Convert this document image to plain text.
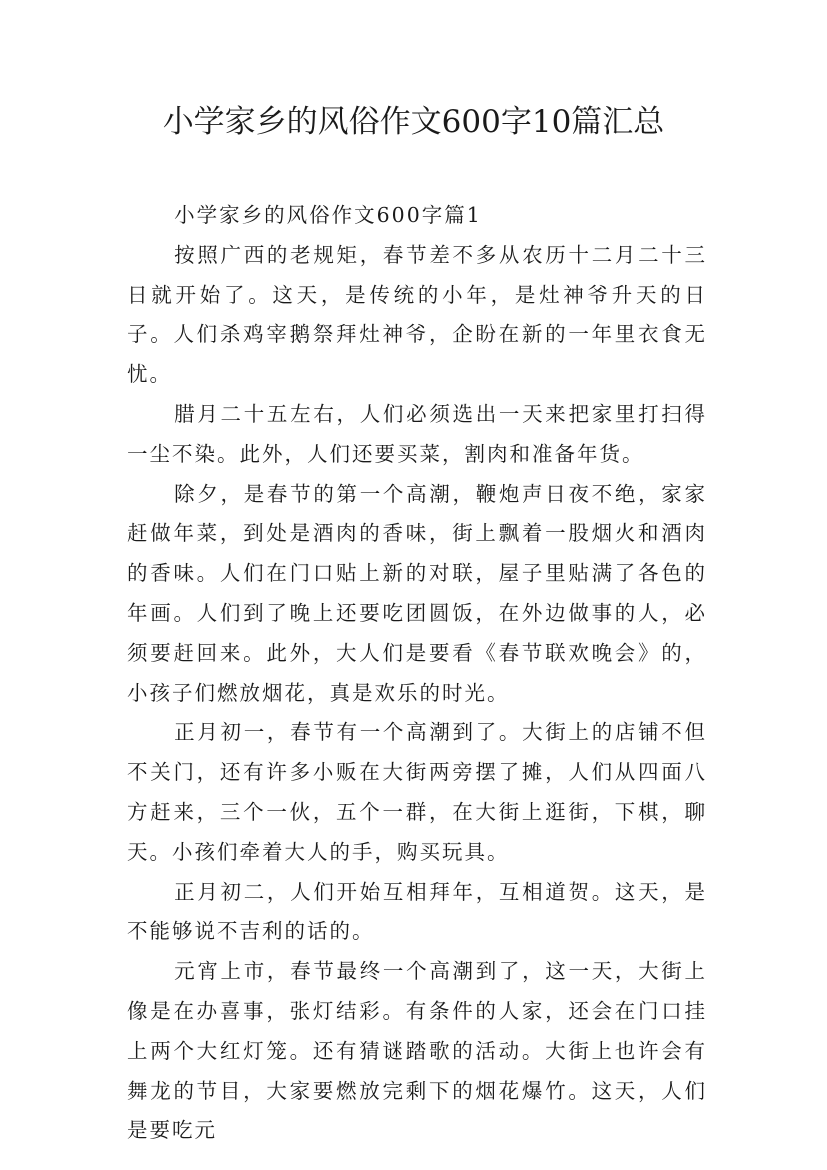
小学家乡的风俗作文600字10篇汇总

小学家乡的风俗作文600字篇1

按照广西的老规矩，春节差不多从农历十二月二十三日就开始了。这天，是传统的小年，是灶神爷升天的日子。人们杀鸡宰鹅祭拜灶神爷，企盼在新的一年里衣食无忧。

腊月二十五左右，人们必须选出一天来把家里打扫得一尘不染。此外，人们还要买菜，割肉和准备年货。

除夕，是春节的第一个高潮，鞭炮声日夜不绝，家家赶做年菜，到处是酒肉的香味，街上飘着一股烟火和酒肉的香味。人们在门口贴上新的对联，屋子里贴满了各色的年画。人们到了晚上还要吃团圆饭，在外边做事的人，必须要赶回来。此外，大人们是要看《春节联欢晚会》的，小孩子们燃放烟花，真是欢乐的时光。

正月初一，春节有一个高潮到了。大街上的店铺不但不关门，还有许多小贩在大街两旁摆了摊，人们从四面八方赶来，三个一伙，五个一群，在大街上逛街，下棋，聊天。小孩们牵着大人的手，购买玩具。

正月初二，人们开始互相拜年，互相道贺。这天，是不能够说不吉利的话的。

元宵上市，春节最终一个高潮到了，这一天，大街上像是在办喜事，张灯结彩。有条件的人家，还会在门口挂上两个大红灯笼。还有猜谜踏歌的活动。大街上也许会有舞龙的节目，大家要燃放完剩下的烟花爆竹。这天，人们是要吃元
